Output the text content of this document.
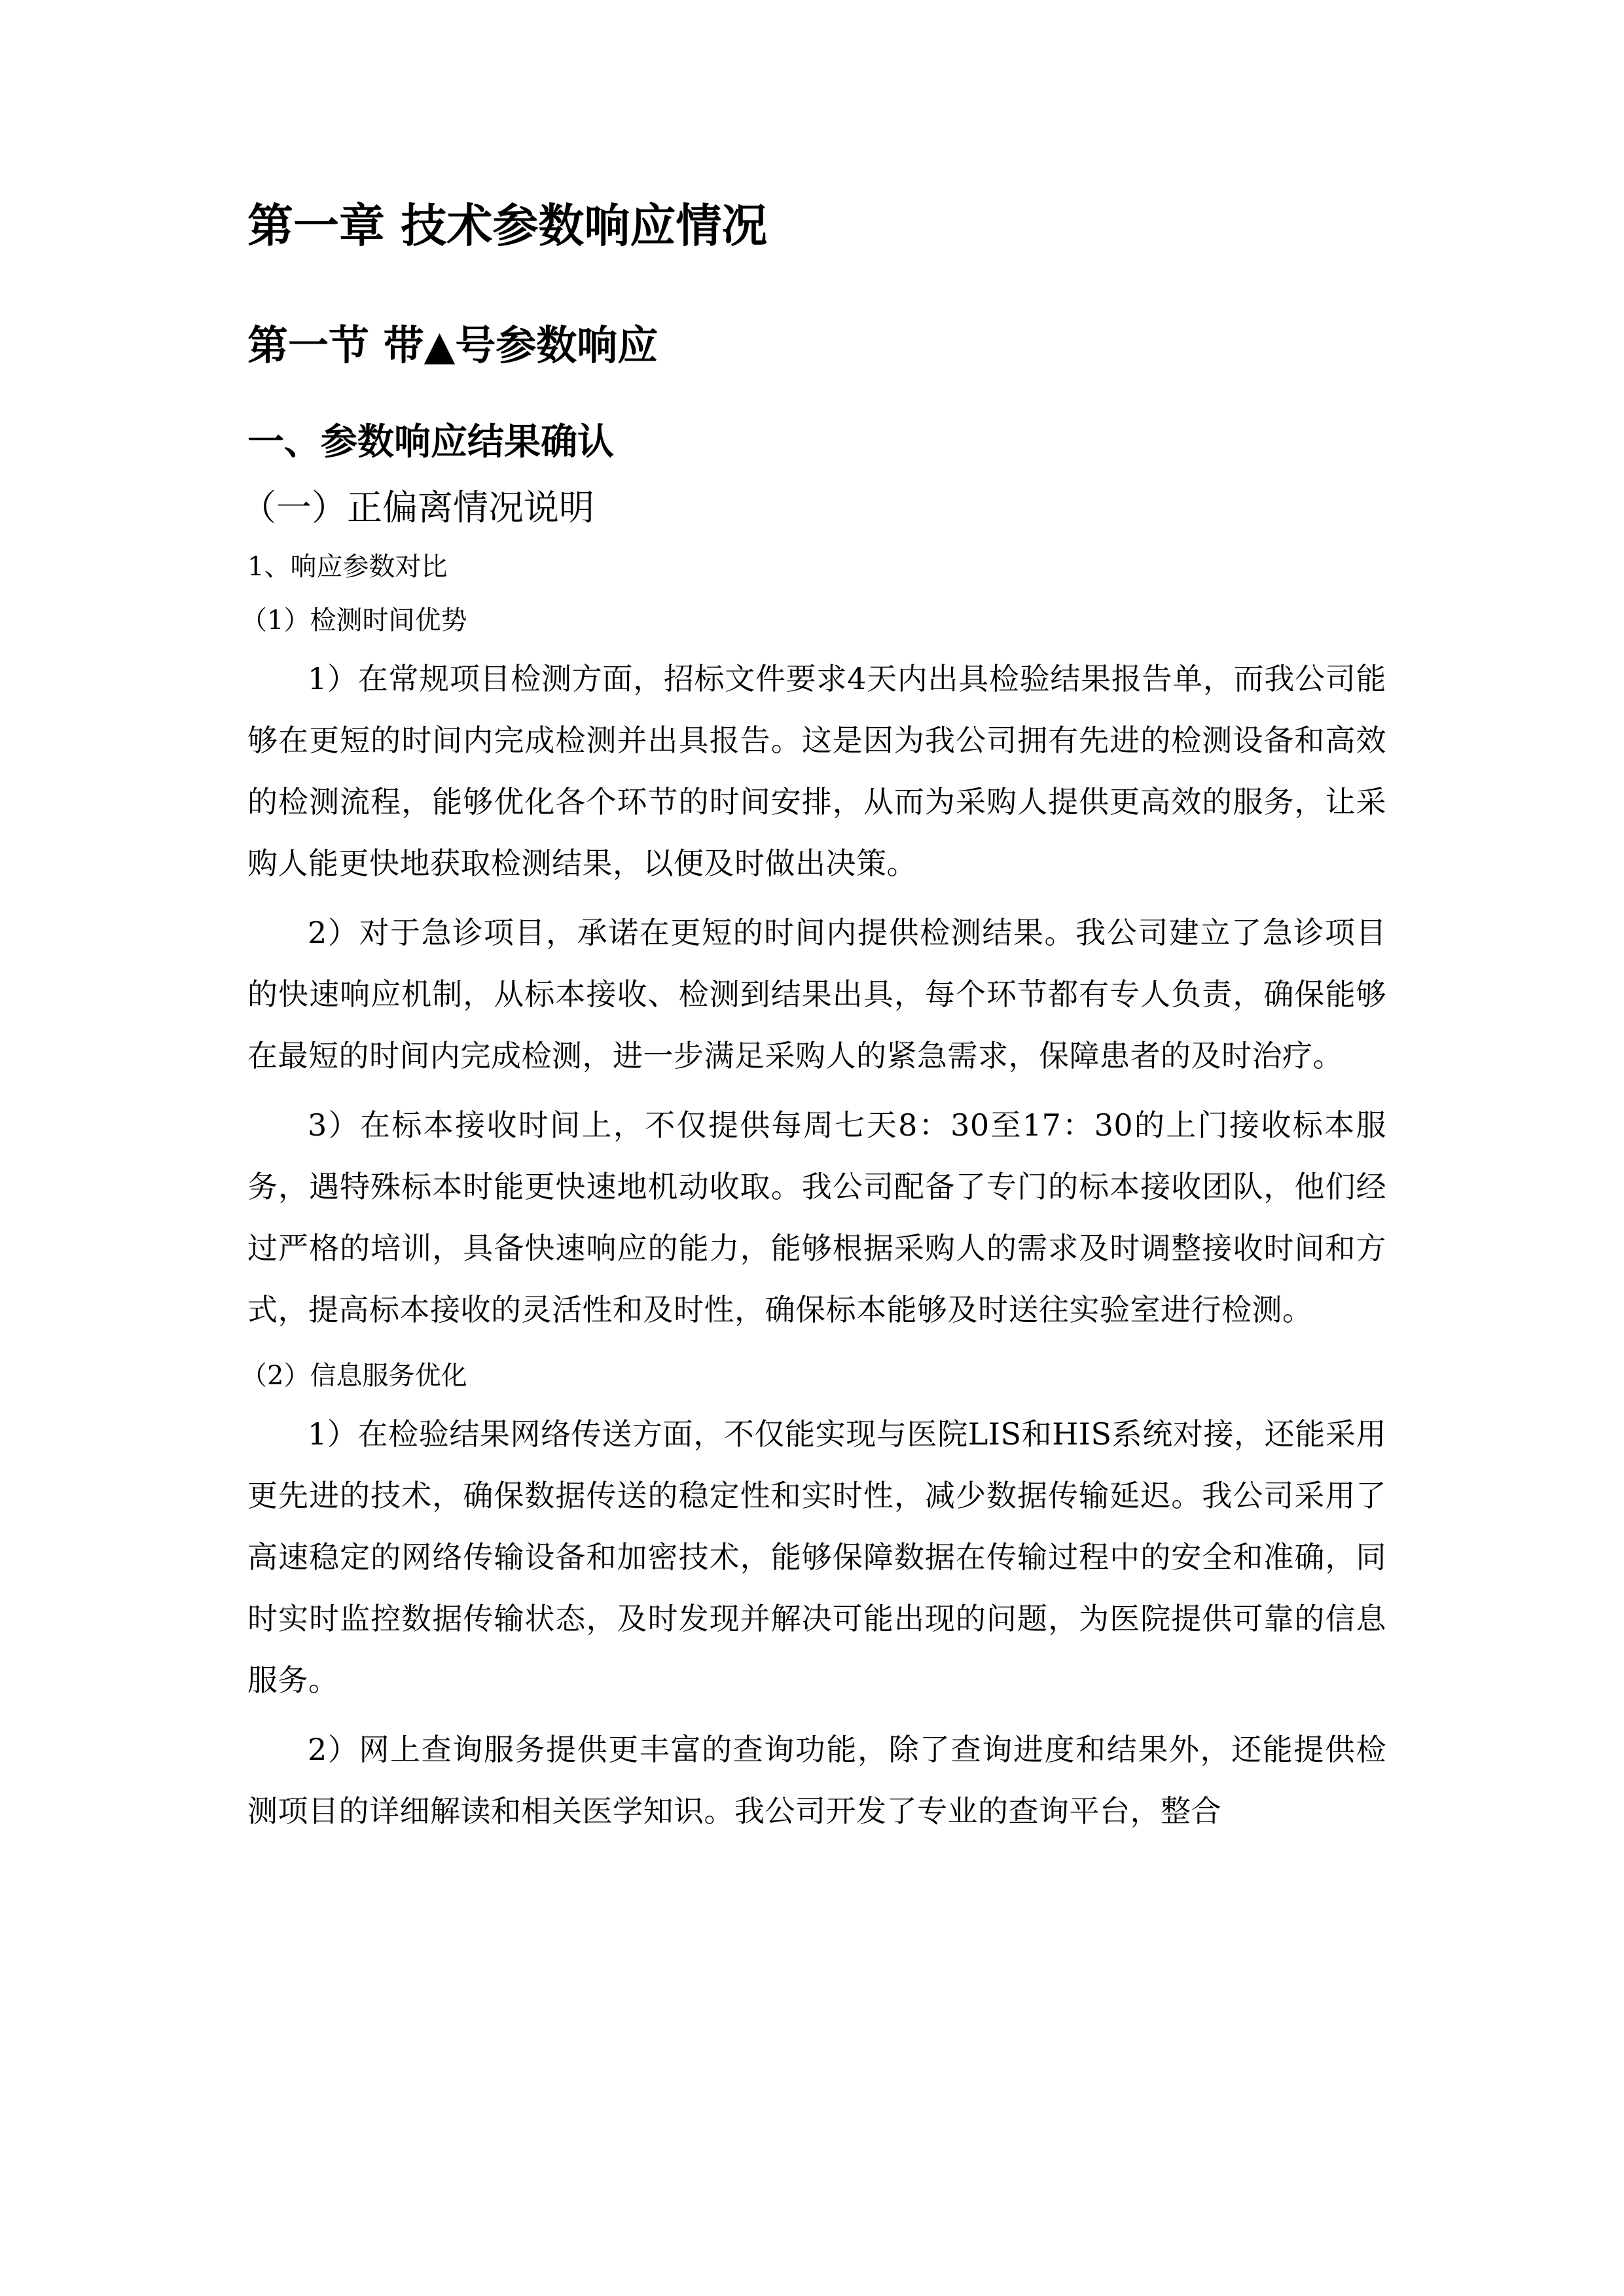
第一章 技术参数响应情况
第一节 带▲号参数响应
一、参数响应结果确认
（一）正偏离情况说明
1、响应参数对比
（1）检测时间优势

1）在常规项目检测方面，招标文件要求4天内出具检验结果报告单，而我公司能够在更短的时间内完成检测并出具报告。这是因为我公司拥有先进的检测设备和高效的检测流程，能够优化各个环节的时间安排，从而为采购人提供更高效的服务，让采购人能更快地获取检测结果，以便及时做出决策。

2）对于急诊项目，承诺在更短的时间内提供检测结果。我公司建立了急诊项目的快速响应机制，从标本接收、检测到结果出具，每个环节都有专人负责，确保能够在最短的时间内完成检测，进一步满足采购人的紧急需求，保障患者的及时治疗。

3）在标本接收时间上，不仅提供每周七天8：30至17：30的上门接收标本服务，遇特殊标本时能更快速地机动收取。我公司配备了专门的标本接收团队，他们经过严格的培训，具备快速响应的能力，能够根据采购人的需求及时调整接收时间和方式，提高标本接收的灵活性和及时性，确保标本能够及时送往实验室进行检测。

（2）信息服务优化

1）在检验结果网络传送方面，不仅能实现与医院LIS和HIS系统对接，还能采用更先进的技术，确保数据传送的稳定性和实时性，减少数据传输延迟。我公司采用了高速稳定的网络传输设备和加密技术，能够保障数据在传输过程中的安全和准确，同时实时监控数据传输状态，及时发现并解决可能出现的问题，为医院提供可靠的信息服务。

2）网上查询服务提供更丰富的查询功能，除了查询进度和结果外，还能提供检测项目的详细解读和相关医学知识。我公司开发了专业的查询平台，整合
